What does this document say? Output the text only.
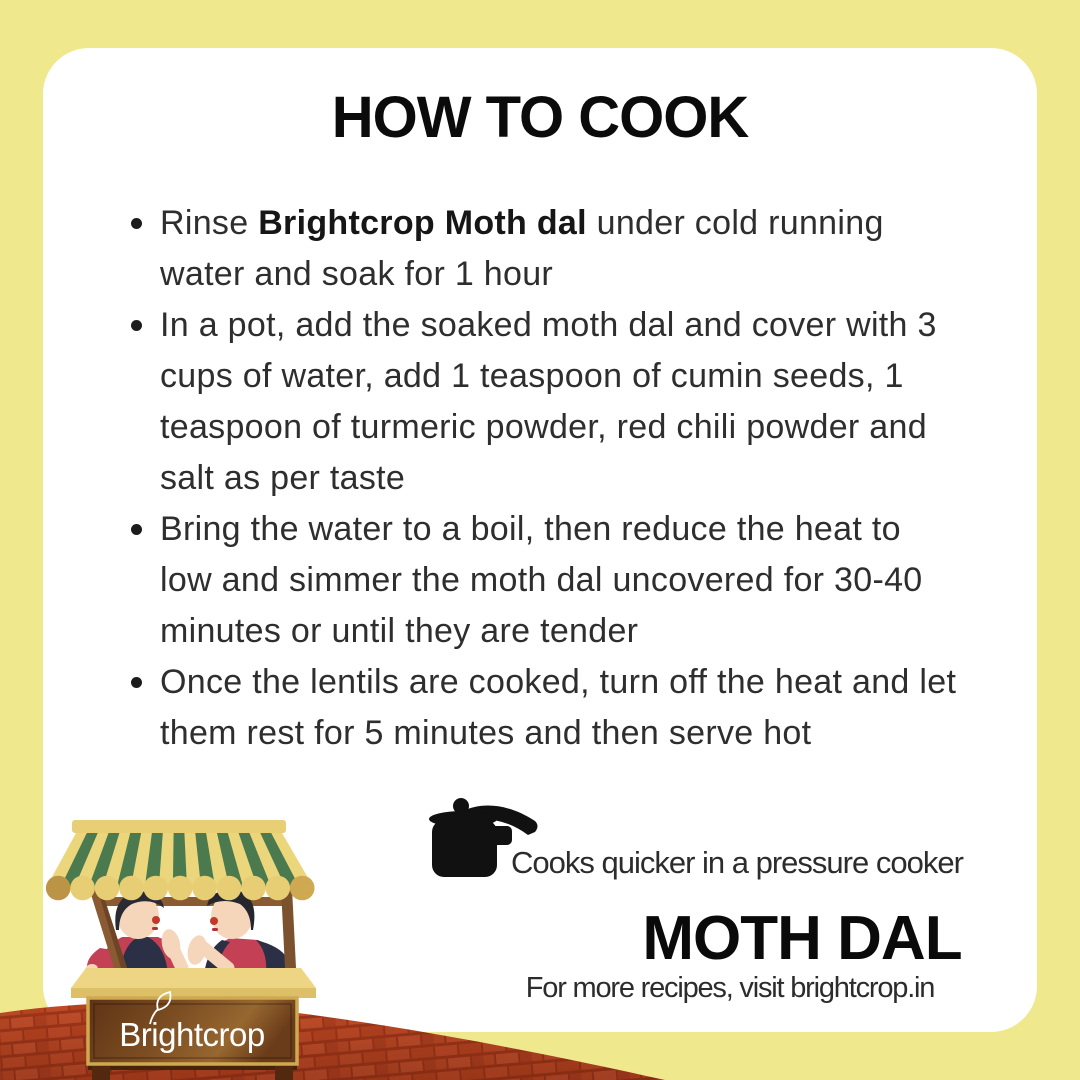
HOW TO COOK
Rinse Brightcrop Moth dal under cold running
water and soak for 1 hour
In a pot, add the soaked moth dal and cover with 3
cups of water, add 1 teaspoon of cumin seeds, 1
teaspoon of turmeric powder, red chili powder and
salt as per taste
Bring the water to a boil, then reduce the heat to
low and simmer the moth dal uncovered for 30-40
minutes or until they are tender
Once the lentils are cooked, turn off the heat and let
them rest for 5 minutes and then serve hot
Cooks quicker in a pressure cooker
MOTH DAL
For more recipes, visit brightcrop.in
Brightcrop
